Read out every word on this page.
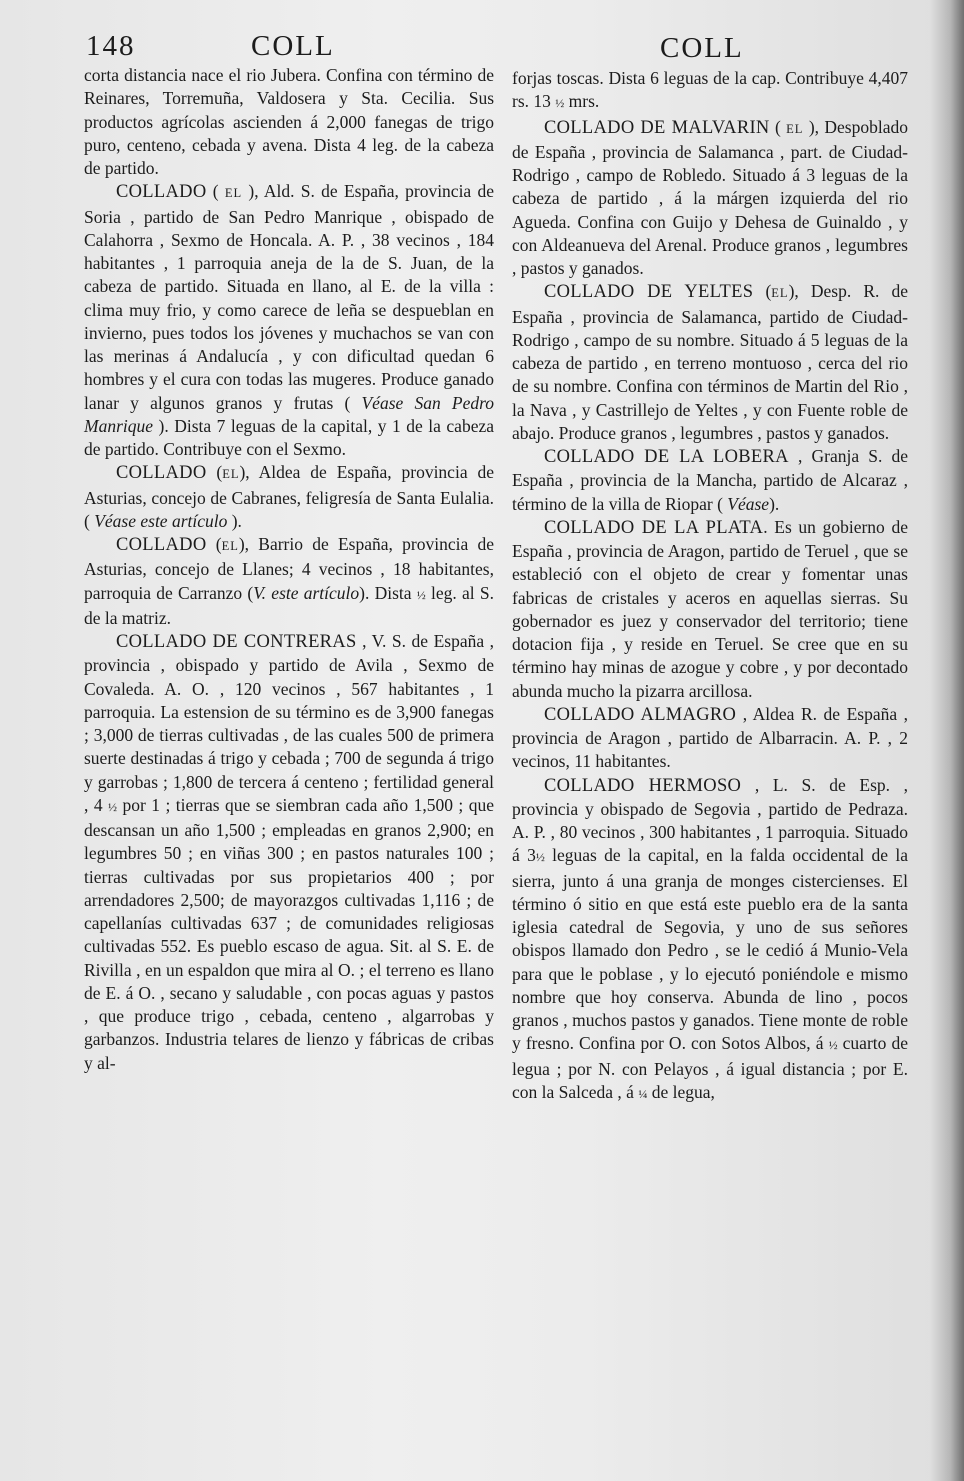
148	COLL	COLL

corta distancia nace el rio Jubera. Confina con término de Reinares, Torremuña, Valdosera y Sta. Cecilia. Sus productos agrícolas ascienden á 2,000 fanegas de trigo puro, centeno, cebada y avena. Dista 4 leg. de la cabeza de partido.

COLLADO ( EL ), Ald. S. de España, provincia de Soria , partido de San Pedro Manrique , obispado de Calahorra , Sexmo de Honcala. A. P. , 38 vecinos , 184 habitantes , 1 parroquia aneja de la de S. Juan, de la cabeza de partido. Situada en llano, al E. de la villa : clima muy frio, y como carece de leña se despueblan en invierno, pues todos los jóvenes y muchachos se van con las merinas á Andalucía , y con dificultad quedan 6 hombres y el cura con todas las mugeres. Produce ganado lanar y algunos granos y frutas ( Véase San Pedro Manrique ). Dista 7 leguas de la capital, y 1 de la cabeza de partido. Contribuye con el Sexmo.

COLLADO (EL), Aldea de España, provincia de Asturias, concejo de Cabranes, feligresía de Santa Eulalia. ( Véase este artículo ).

COLLADO (EL), Barrio de España, provincia de Asturias, concejo de Llanes; 4 vecinos , 18 habitantes, parroquia de Carranzo (V. este artículo). Dista ½ leg. al S. de la matriz.

COLLADO DE CONTRERAS , V. S. de España , provincia , obispado y partido de Avila , Sexmo de Covaleda. A. O. , 120 vecinos , 567 habitantes , 1 parroquia. La estension de su término es de 3,900 fanegas ; 3,000 de tierras cultivadas , de las cuales 500 de primera suerte destinadas á trigo y cebada ; 700 de segunda á trigo y garrobas ; 1,800 de tercera á centeno ; fertilidad general , 4 ½ por 1 ; tierras que se siembran cada año 1,500 ; que descansan un año 1,500 ; empleadas en granos 2,900; en legumbres 50 ; en viñas 300 ; en pastos naturales 100 ; tierras cultivadas por sus propietarios 400 ; por arrendadores 2,500; de mayorazgos cultivadas 1,116 ; de capellanías cultivadas 637 ; de comunidades religiosas cultivadas 552. Es pueblo escaso de agua. Sit. al S. E. de Rivilla , en un espaldon que mira al O. ; el terreno es llano de E. á O. , secano y saludable , con pocas aguas y pastos , que produce trigo , cebada, centeno , algarrobas y garbanzos. Industria telares de lienzo y fábricas de cribas y al-

forjas toscas. Dista 6 leguas de la cap. Contribuye 4,407 rs. 13 ½ mrs.

COLLADO DE MALVARIN ( EL ), Despoblado de España , provincia de Salamanca , part. de Ciudad-Rodrigo , campo de Robledo. Situado á 3 leguas de la cabeza de partido , á la márgen izquierda del rio Agueda. Confina con Guijo y Dehesa de Guinaldo , y con Aldeanueva del Arenal. Produce granos , legumbres , pastos y ganados.

COLLADO DE YELTES (EL), Desp. R. de España , provincia de Salamanca, partido de Ciudad-Rodrigo , campo de su nombre. Situado á 5 leguas de la cabeza de partido , en terreno montuoso , cerca del rio de su nombre. Confina con términos de Martin del Rio , la Nava , y Castrillejo de Yeltes , y con Fuente roble de abajo. Produce granos , legumbres , pastos y ganados.

COLLADO DE LA LOBERA , Granja S. de España , provincia de la Mancha, partido de Alcaraz , término de la villa de Riopar ( Véase).

COLLADO DE LA PLATA. Es un gobierno de España , provincia de Aragon, partido de Teruel , que se estableció con el objeto de crear y fomentar unas fabricas de cristales y aceros en aquellas sierras. Su gobernador es juez y conservador del territorio; tiene dotacion fija , y reside en Teruel. Se cree que en su término hay minas de azogue y cobre , y por decontado abunda mucho la pizarra arcillosa.

COLLADO ALMAGRO , Aldea R. de España , provincia de Aragon , partido de Albarracin. A. P. , 2 vecinos, 11 habitantes.

COLLADO HERMOSO , L. S. de Esp. , provincia y obispado de Segovia , partido de Pedraza. A. P. , 80 vecinos , 300 habitantes , 1 parroquia. Situado á 3½ leguas de la capital, en la falda occidental de la sierra, junto á una granja de monges cistercienses. El término ó sitio en que está este pueblo era de la santa iglesia catedral de Segovia, y uno de sus señores obispos llamado don Pedro , se le cedió á Munio-Vela para que le poblase , y lo ejecutó poniéndole e mismo nombre que hoy conserva. Abunda de lino , pocos granos , muchos pastos y ganados. Tiene monte de roble y fresno. Confina por O. con Sotos Albos, á ½ cuarto de legua ; por N. con Pelayos , á igual distancia ; por E. con la Salceda , á ¼ de legua,
